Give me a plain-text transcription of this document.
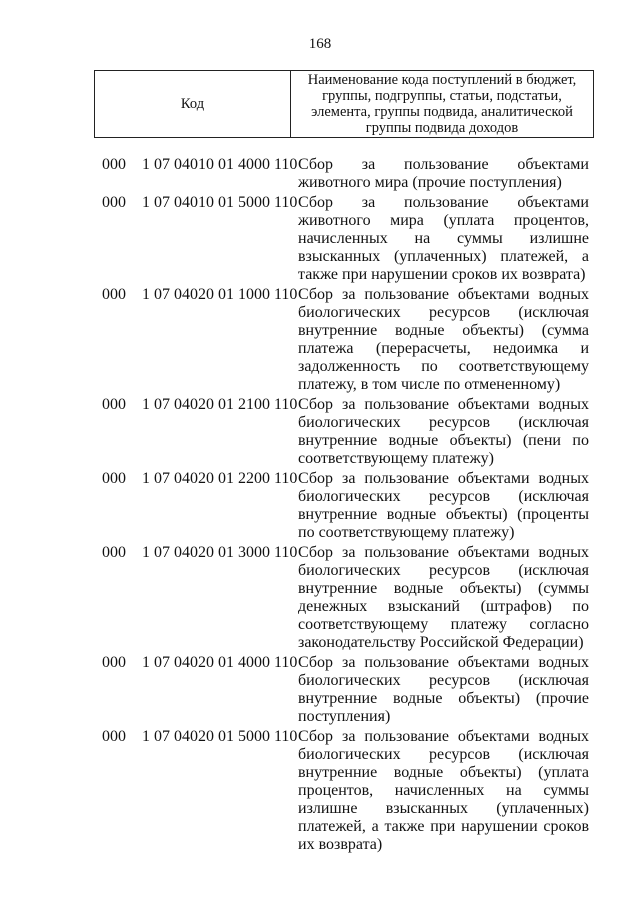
168
Код
Наименование кода поступлений в бюджет, группы, подгруппы, статьи, подстатьи, элемента, группы подвида, аналитической группы подвида доходов
000	1 07 04010 01 4000 110 Сбор за пользование объектами животного мира (прочие поступления)
000	1 07 04010 01 5000 110 Сбор за пользование объектами животного мира (уплата процентов, начисленных на суммы излишне взысканных (уплаченных) платежей, а также при нарушении сроков их возврата)
000	1 07 04020 01 1000 110 Сбор за пользование объектами водных биологических ресурсов (исключая внутренние водные объекты) (сумма платежа (перерасчеты, недоимка и задолженность по соответствующему платежу, в том числе по отмененному)
000	1 07 04020 01 2100 110 Сбор за пользование объектами водных биологических ресурсов (исключая внутренние водные объекты) (пени по соответствующему платежу)
000	1 07 04020 01 2200 110 Сбор за пользование объектами водных биологических ресурсов (исключая внутренние водные объекты) (проценты по соответствующему платежу)
000	1 07 04020 01 3000 110 Сбор за пользование объектами водных биологических ресурсов (исключая внутренние водные объекты) (суммы денежных взысканий (штрафов) по соответствующему платежу согласно законодательству Российской Федерации)
000	1 07 04020 01 4000 110 Сбор за пользование объектами водных биологических ресурсов (исключая внутренние водные объекты) (прочие поступления)
000	1 07 04020 01 5000 110 Сбор за пользование объектами водных биологических ресурсов (исключая внутренние водные объекты) (уплата процентов, начисленных на суммы излишне взысканных (уплаченных) платежей, а также при нарушении сроков их возврата)
